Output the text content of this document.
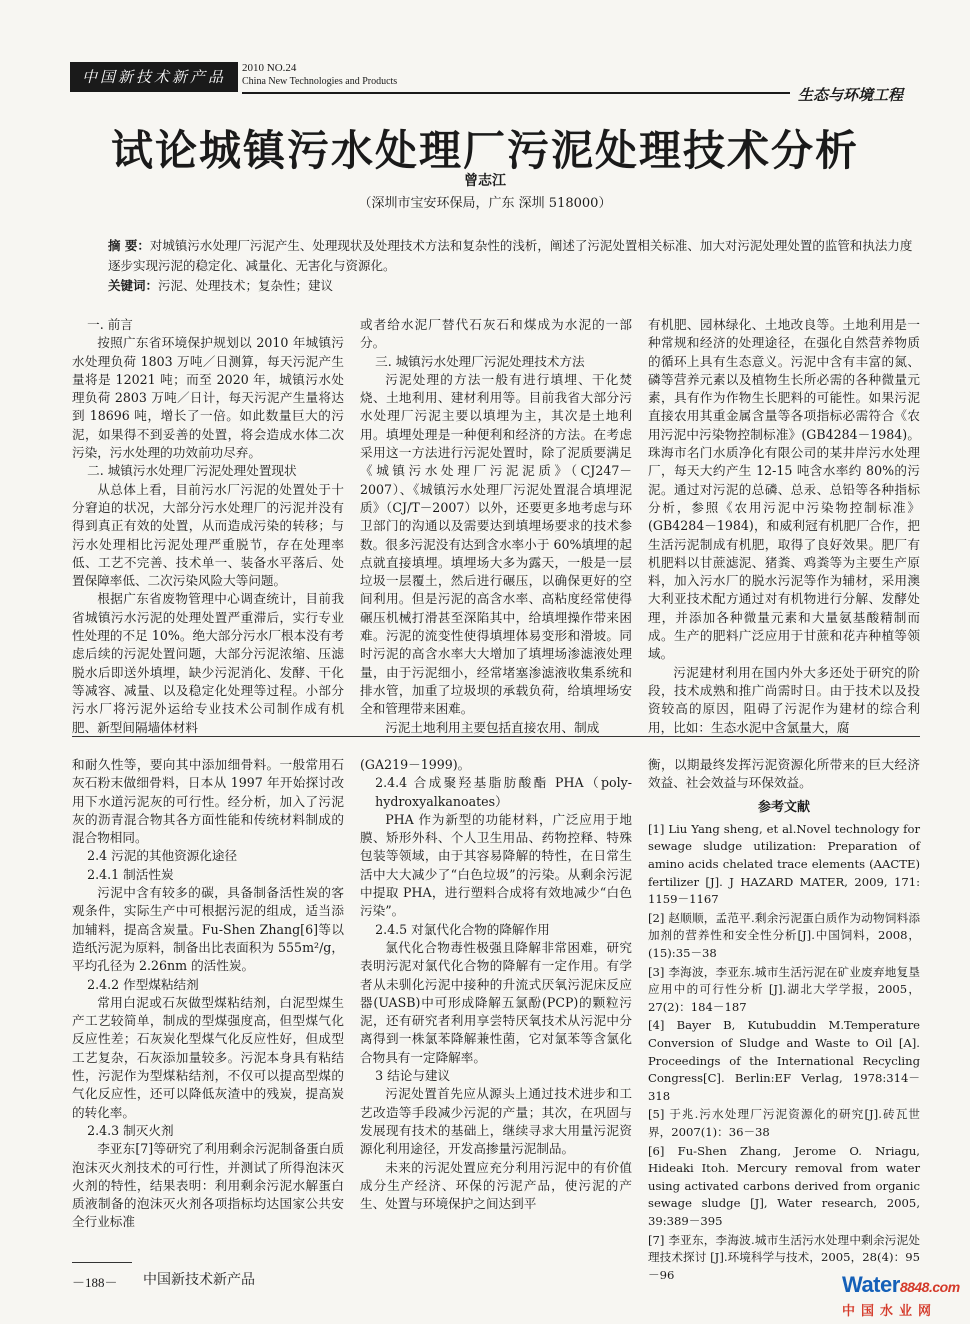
中国新技术新产品	2010 NO.24
China New Technologies and Products
生态与环境工程
试论城镇污水处理厂污泥处理技术分析
曾志江
（深圳市宝安环保局，广东 深圳 518000）
摘 要：对城镇污水处理厂污泥产生、处理现状及处理技术方法和复杂性的浅析，阐述了污泥处置相关标准、加大对污泥处理处置的监管和执法力度逐步实现污泥的稳定化、减量化、无害化与资源化。
关键词：污泥、处理技术；复杂性；建议

一. 前言

按照广东省环境保护规划以 2010 年城镇污水处理负荷 1803 万吨／日测算，每天污泥产生量将是 12021 吨；而至 2020 年，城镇污水处理负荷 2803 万吨／日计，每天污泥产生量将达到 18696 吨，增长了一倍。如此数量巨大的污泥，如果得不到妥善的处置，将会造成水体二次污染，污水处理的功效前功尽弃。

二. 城镇污水处理厂污泥处理处置现状

从总体上看，目前污水厂污泥的处置处于十分窘迫的状况，大部分污水处理厂的污泥并没有得到真正有效的处置，从而造成污染的转移；与污水处理相比污泥处理严重脱节，存在处理率低、工艺不完善、技术单一、装备水平落后、处置保障率低、二次污染风险大等问题。

根据广东省废物管理中心调查统计，目前我省城镇污水污泥的处理处置严重滞后，实行专业性处理的不足 10%。绝大部分污水厂根本没有考虑后续的污泥处置问题，大部分污泥浓缩、压滤脱水后即送外填埋，缺少污泥消化、发酵、干化等减容、减量、以及稳定化处理等过程。小部分污水厂将污泥外运给专业技术公司制作成有机肥、新型间隔墙体材料

或者给水泥厂替代石灰石和煤成为水泥的一部分。

三. 城镇污水处理厂污泥处理技术方法

污泥处理的方法一般有进行填埋、干化焚烧、土地利用、建材利用等。目前我省大部分污水处理厂污泥主要以填埋为主，其次是土地利用。填埋处理是一种便利和经济的方法。在考虑采用这一方法进行污泥处置时，除了泥质要满足《城镇污水处理厂污泥泥质》（CJ247－2007）、《城镇污水处理厂污泥处置混合填埋泥质》（CJ/T－2007）以外，还要更多地考虑与环卫部门的沟通以及需要达到填埋场要求的技术参数。很多污泥没有达到含水率小于 60%填埋的起点就直接填埋。填埋场大多为露天，一般是一层垃圾一层覆土，然后进行碾压，以确保更好的空间利用。但是污泥的高含水率、高粘度经常使得碾压机械打滑甚至深陷其中，给填埋操作带来困难。污泥的流变性使得填埋体易变形和滑坡。同时污泥的高含水率大大增加了填埋场渗滤液处理量，由于污泥细小，经常堵塞渗滤液收集系统和排水管，加重了垃圾坝的承载负荷，给填埋场安全和管理带来困难。

污泥土地利用主要包括直接农用、制成

有机肥、园林绿化、土地改良等。土地利用是一种常规和经济的处理途径，在强化自然营养物质的循环上具有生态意义。污泥中含有丰富的氮、磷等营养元素以及植物生长所必需的各种微量元素，具有作为作物生长肥料的可能性。如果污泥直接农用其重金属含量等各项指标必需符合《农用污泥中污染物控制标准》(GB4284－1984)。珠海市名门水质净化有限公司的某井岸污水处理厂，每天大约产生 12-15 吨含水率约 80%的污泥。通过对污泥的总磷、总汞、总铅等各种指标分析，参照《农用污泥中污染物控制标准》(GB4284－1984)，和威利冠有机肥厂合作，把生活污泥制成有机肥，取得了良好效果。肥厂有机肥料以甘蔗滤泥、猪粪、鸡粪等为主要生产原料，加入污水厂的脱水污泥等作为辅材，采用澳大利亚技术配方通过对有机物进行分解、发酵处理，并添加各种微量元素和大量氨基酸精制而成。生产的肥料广泛应用于甘蔗和花卉种植等领域。

污泥建材利用在国内外大多还处于研究的阶段，技术成熟和推广尚需时日。由于技术以及投资较高的原因，阻碍了污泥作为建材的综合利用，比如：生态水泥中含氯量大，腐

和耐久性等，要向其中添加细骨料。一般常用石灰石粉末做细骨料，日本从 1997 年开始探讨改用下水道污泥灰的可行性。经分析，加入了污泥灰的沥青混合物其各方面性能和传统材料制成的混合物相同。

2.4 污泥的其他资源化途径

2.4.1 制活性炭

污泥中含有较多的碳，具备制备活性炭的客观条件，实际生产中可根据污泥的组成，适当添加辅料，提高含炭量。Fu-Shen Zhang[6]等以造纸污泥为原料，制备出比表面积为 555m²/g，平均孔径为 2.26nm 的活性炭。

2.4.2 作型煤粘结剂

常用白泥或石灰做型煤粘结剂，白泥型煤生产工艺较简单，制成的型煤强度高，但型煤气化反应性差；石灰炭化型煤气化反应性好，但成型工艺复杂，石灰添加量较多。污泥本身具有粘结性，污泥作为型煤粘结剂，不仅可以提高型煤的气化反应性，还可以降低灰渣中的残炭，提高炭的转化率。

2.4.3 制灭火剂

李亚东[7]等研究了利用剩余污泥制备蛋白质泡沫灭火剂技术的可行性，并测试了所得泡沫灭火剂的特性，结果表明：利用剩余污泥水解蛋白质液制备的泡沫灭火剂各项指标均达国家公共安全行业标准

(GA219－1999)。

2.4.4 合成聚羟基脂肪酸酯 PHA（poly-hydroxyalkanoates）

PHA 作为新型的功能材料，广泛应用于地膜、矫形外科、个人卫生用品、药物控释、特殊包装等领域，由于其容易降解的特性，在日常生活中大大减少了“白色垃圾”的污染。从剩余污泥中提取 PHA，进行塑料合成将有效地减少“白色污染”。

2.4.5 对氯代化合物的降解作用

氯代化合物毒性极强且降解非常困难，研究表明污泥对氯代化合物的降解有一定作用。有学者从未驯化污泥中接种的升流式厌氧污泥床反应器(UASB)中可形成降解五氯酚(PCP)的颗粒污泥，还有研究者利用享尝特厌氧技术从污泥中分离得到一株氯苯降解兼性菌，它对氯苯等含氯化合物具有一定降解率。

3 结论与建议

污泥处置首先应从源头上通过技术进步和工艺改造等手段减少污泥的产量；其次，在巩固与发展现有技术的基础上，继续寻求大用量污泥资源化利用途径，开发高掺量污泥制品。

未来的污泥处置应充分利用污泥中的有价值成分生产经济、环保的污泥产品，使污泥的产生、处置与环境保护之间达到平

衡，以期最终发挥污泥资源化所带来的巨大经济效益、社会效益与环保效益。

参考文献
[1] Liu Yang sheng, et al.Novel technology for sewage sludge utilization: Preparation of amino acids chelated trace elements (AACTE) fertilizer [J]. J HAZARD MATER, 2009, 171: 1159－1167
[2] 赵顺顺，孟范平.剩余污泥蛋白质作为动物饲料添加剂的营养性和安全性分析[J].中国饲料，2008，(15):35－38
[3] 李海波，李亚东.城市生活污泥在矿业废弃地复垦应用中的可行性分析 [J].湖北大学学报，2005，27(2)：184－187
[4] Bayer B, Kutubuddin M.Temperature Conversion of Sludge and Waste to Oil [A]. Proceedings of the International Recycling Congress[C]. Berlin:EF Verlag, 1978:314－318
[5] 于兆.污水处理厂污泥资源化的研究[J].砖瓦世界，2007(1)：36－38
[6] Fu-Shen Zhang, Jerome O. Nriagu, Hideaki Itoh. Mercury removal from water using activated carbons derived from organic sewage sludge [J], Water research, 2005, 39:389－395
[7] 李亚东，李海波.城市生活污水处理中剩余污泥处理技术探讨 [J].环境科学与技术，2005，28(4)：95－96
－188－ 中国新技术新产品	Water8848.com
中国水业网
